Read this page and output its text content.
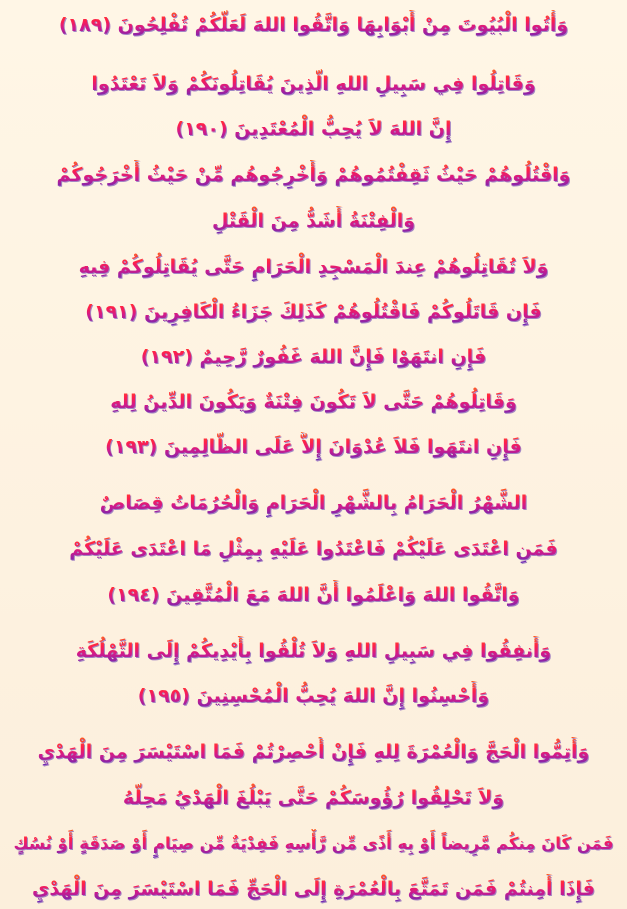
وَأْتُوا الْبُيُوتَ مِنْ أَبْوَابِهَا وَاتَّقُوا اللهَ لَعَلَّكُمْ تُفْلِحُونَ (١٨٩)
وَقَاتِلُوا فِي سَبِيلِ اللهِ الَّذِينَ يُقَاتِلُونَكُمْ وَلاَ تَعْتَدُوا
إِنَّ اللهَ لاَ يُحِبُّ الْمُعْتَدِينَ (١٩٠)
وَاقْتُلُوهُمْ حَيْثُ ثَقِفْتُمُوهُمْ وَأَخْرِجُوهُم مِّنْ حَيْثُ أَخْرَجُوكُمْ
وَالْفِتْنَةُ أَشَدُّ مِنَ الْقَتْلِ
وَلاَ تُقَاتِلُوهُمْ عِندَ الْمَسْجِدِ الْحَرَامِ حَتَّى يُقَاتِلُوكُمْ فِيهِ
فَإِن قَاتَلُوكُمْ فَاقْتُلُوهُمْ كَذَلِكَ جَزَاءُ الْكَافِرِينَ (١٩١)
فَإِنِ انتَهَوْا فَإِنَّ اللهَ غَفُورٌ رَّحِيمٌ (١٩٢)
وَقَاتِلُوهُمْ حَتَّى لاَ تَكُونَ فِتْنَةٌ وَيَكُونَ الدِّينُ لِلهِ
فَإِنِ انتَهَوا فَلاَ عُدْوَانَ إِلاَّ عَلَى الظَّالِمِينَ (١٩٣)
الشَّهْرُ الْحَرَامُ بِالشَّهْرِ الْحَرَامِ وَالْحُرُمَاتُ قِصَاصٌ
فَمَنِ اعْتَدَى عَلَيْكُمْ فَاعْتَدُوا عَلَيْهِ بِمِثْلِ مَا اعْتَدَى عَلَيْكُمْ
وَاتَّقُوا اللهَ وَاعْلَمُوا أَنَّ اللهَ مَعَ الْمُتَّقِينَ (١٩٤)
وَأَنفِقُوا فِي سَبِيلِ اللهِ وَلاَ تُلْقُوا بِأَيْدِيكُمْ إِلَى التَّهْلُكَةِ
وَأَحْسِنُوا إِنَّ اللهَ يُحِبُّ الْمُحْسِنِينَ (١٩٥)
وَأَتِمُّوا الْحَجَّ وَالْعُمْرَةَ لِلهِ فَإِنْ أُحْصِرْتُمْ فَمَا اسْتَيْسَرَ مِنَ الْهَدْيِ
وَلاَ تَحْلِقُوا رُؤُوسَكُمْ حَتَّى يَبْلُغَ الْهَدْيُ مَحِلَّهُ
فَمَن كَانَ مِنكُم مَّرِيضاً أَوْ بِهِ أَذًى مِّن رَّأْسِهِ فَفِدْيَةٌ مِّن صِيَامٍ أَوْ صَدَقَةٍ أَوْ نُسُكٍ
فَإِذَا أَمِنتُمْ فَمَن تَمَتَّعَ بِالْعُمْرَةِ إِلَى الْحَجِّ فَمَا اسْتَيْسَرَ مِنَ الْهَدْيِ
